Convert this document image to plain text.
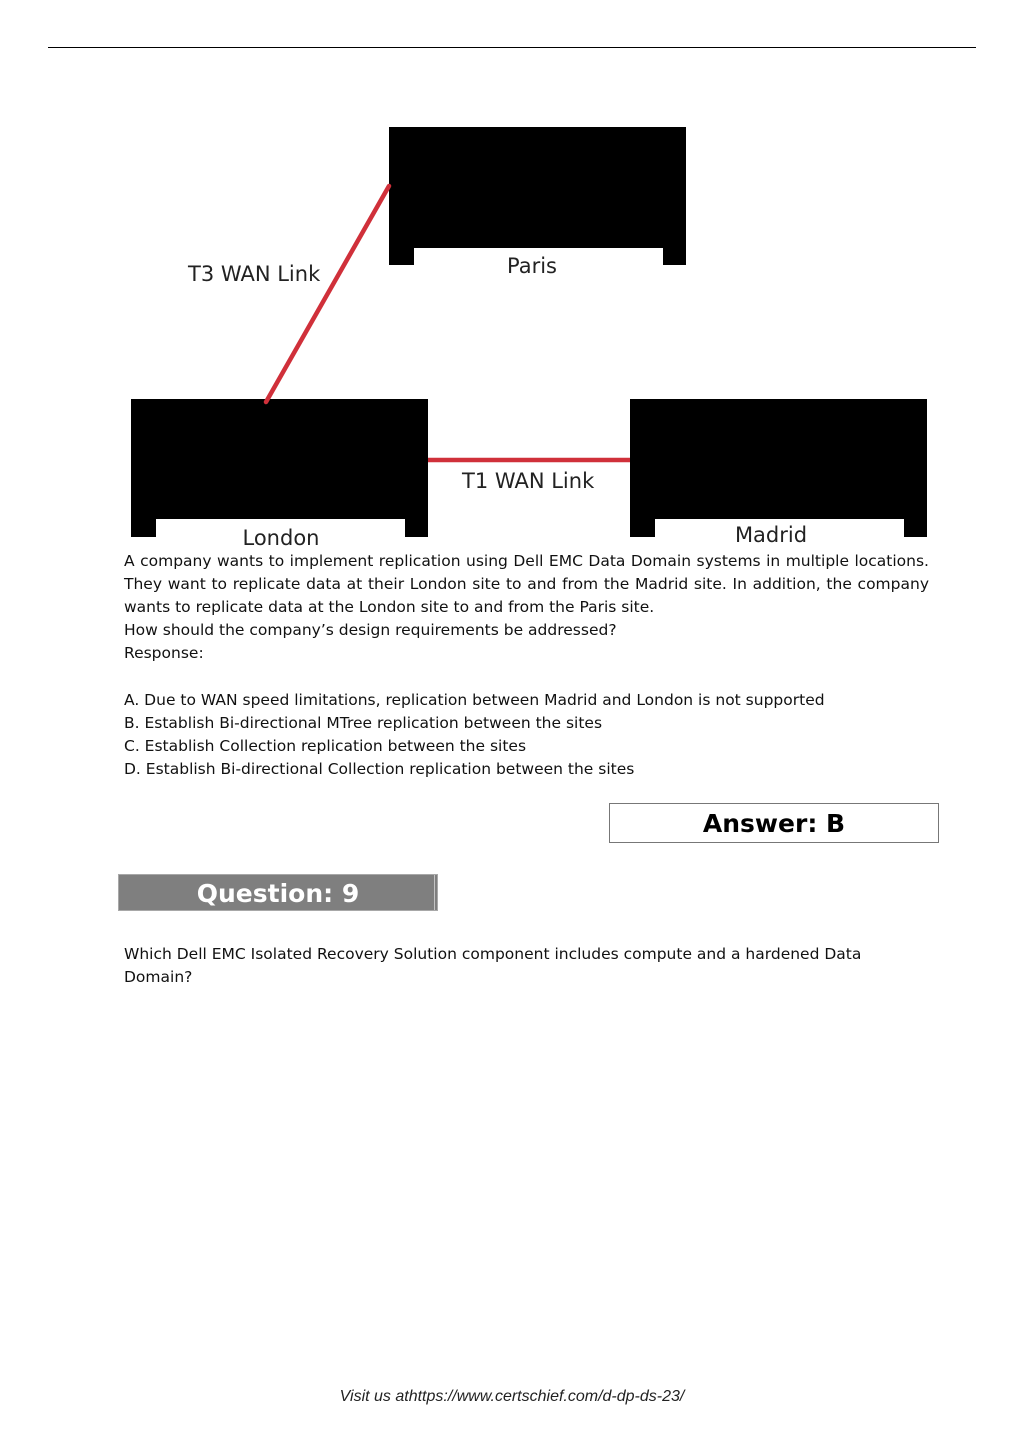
Paris
London	Madrid
T3 WAN Link
T1 WAN Link

A company wants to implement replication using Dell EMC Data Domain systems in multiple locations. They want to replicate data at their London site to and from the Madrid site. In addition, the company wants to replicate data at the London site to and from the Paris site.

How should the company’s design requirements be addressed?

Response:

A. Due to WAN speed limitations, replication between Madrid and London is not supported
B. Establish Bi-directional MTree replication between the sites
C. Establish Collection replication between the sites
D. Establish Bi-directional Collection replication between the sites
Answer: B
Question: 9
Which Dell EMC Isolated Recovery Solution component includes compute and a hardened Data Domain?
Visit us athttps://www.certschief.com/d-dp-ds-23/
